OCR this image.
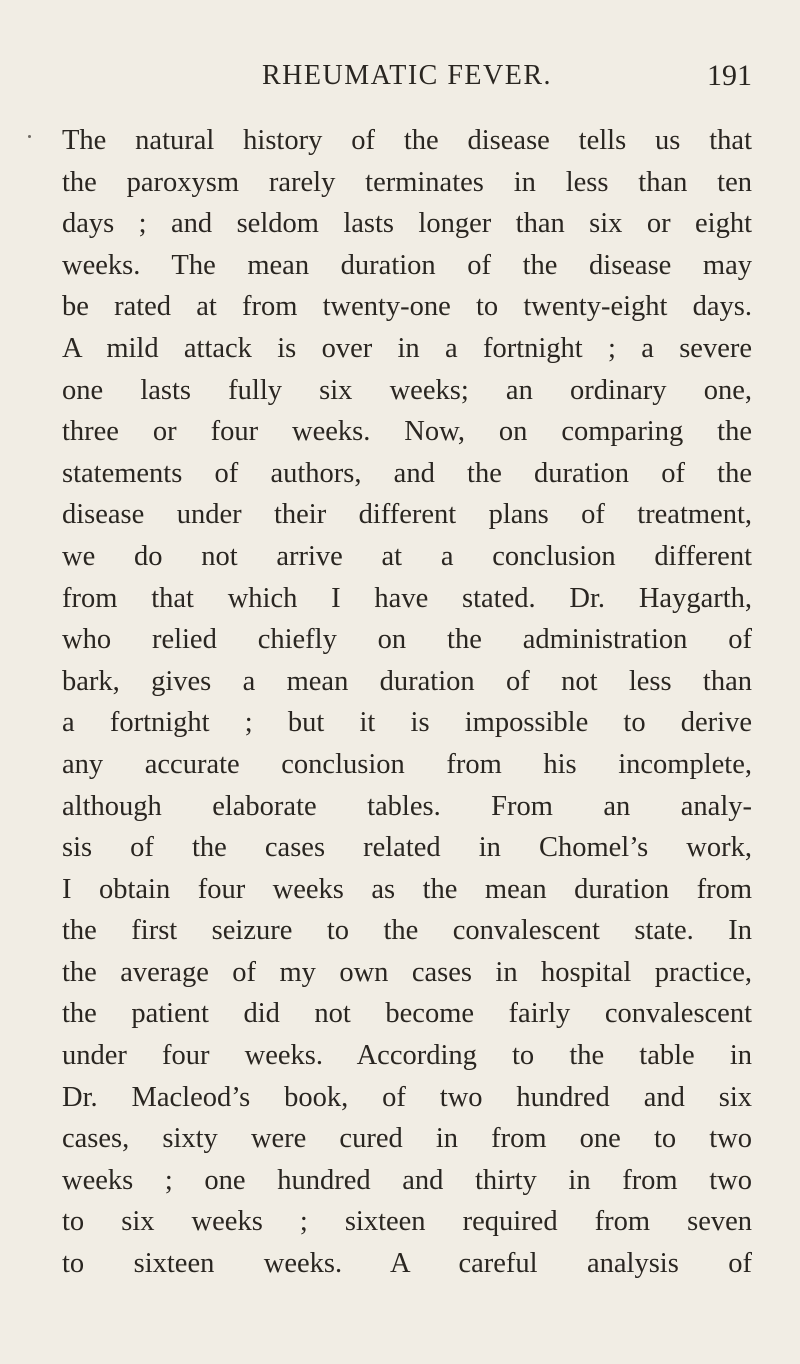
RHEUMATIC FEVER.	191
The natural history of the disease tells us that
the paroxysm rarely terminates in less than ten
days ; and seldom lasts longer than six or eight
weeks. The mean duration of the disease may
be rated at from twenty-one to twenty-eight days.
A mild attack is over in a fortnight ; a severe
one lasts fully six weeks; an ordinary one,
three or four weeks. Now, on comparing the
statements of authors, and the duration of the
disease under their different plans of treatment,
we do not arrive at a conclusion different
from that which I have stated. Dr. Haygarth,
who relied chiefly on the administration of
bark, gives a mean duration of not less than
a fortnight ; but it is impossible to derive
any accurate conclusion from his incomplete,
although elaborate tables. From an analy-
sis of the cases related in Chomel’s work,
I obtain four weeks as the mean duration from
the first seizure to the convalescent state. In
the average of my own cases in hospital practice,
the patient did not become fairly convalescent
under four weeks. According to the table in
Dr. Macleod’s book, of two hundred and six
cases, sixty were cured in from one to two
weeks ; one hundred and thirty in from two
to six weeks ; sixteen required from seven
to sixteen weeks. A careful analysis of
